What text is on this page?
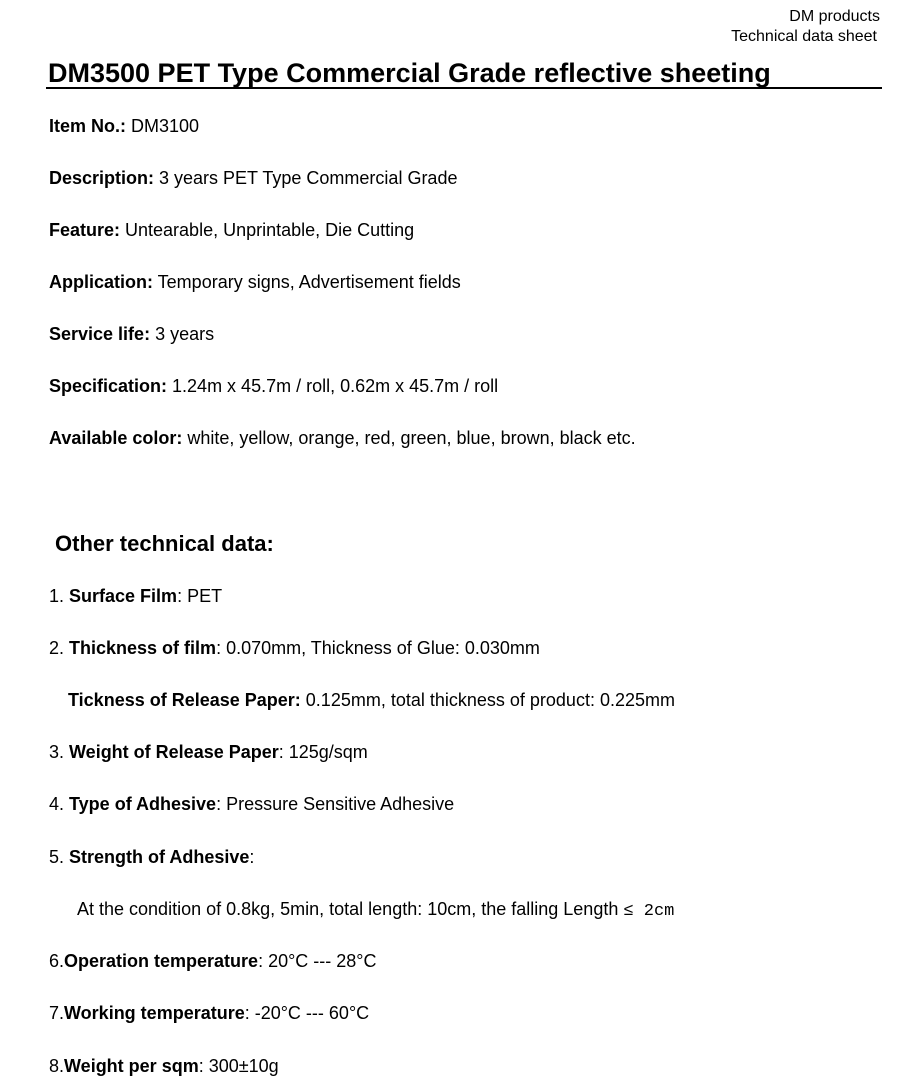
DM products
Technical data sheet
DM3500 PET Type Commercial Grade reflective sheeting
Item No.: DM3100
Description: 3 years PET Type Commercial Grade
Feature: Untearable, Unprintable, Die Cutting
Application: Temporary signs, Advertisement fields
Service life: 3 years
Specification: 1.24m x 45.7m / roll, 0.62m x 45.7m / roll
Available color: white, yellow, orange, red, green, blue, brown, black etc.
Other technical data:
1. Surface Film: PET
2. Thickness of film: 0.070mm, Thickness of Glue: 0.030mm
Tickness of Release Paper: 0.125mm, total thickness of product: 0.225mm
3. Weight of Release Paper: 125g/sqm
4. Type of Adhesive: Pressure Sensitive Adhesive
5. Strength of Adhesive:
At the condition of 0.8kg, 5min, total length: 10cm, the falling Length ≤ 2cm
6.Operation temperature: 20°C --- 28°C
7.Working temperature: -20°C --- 60°C
8.Weight per sqm: 300±10g
